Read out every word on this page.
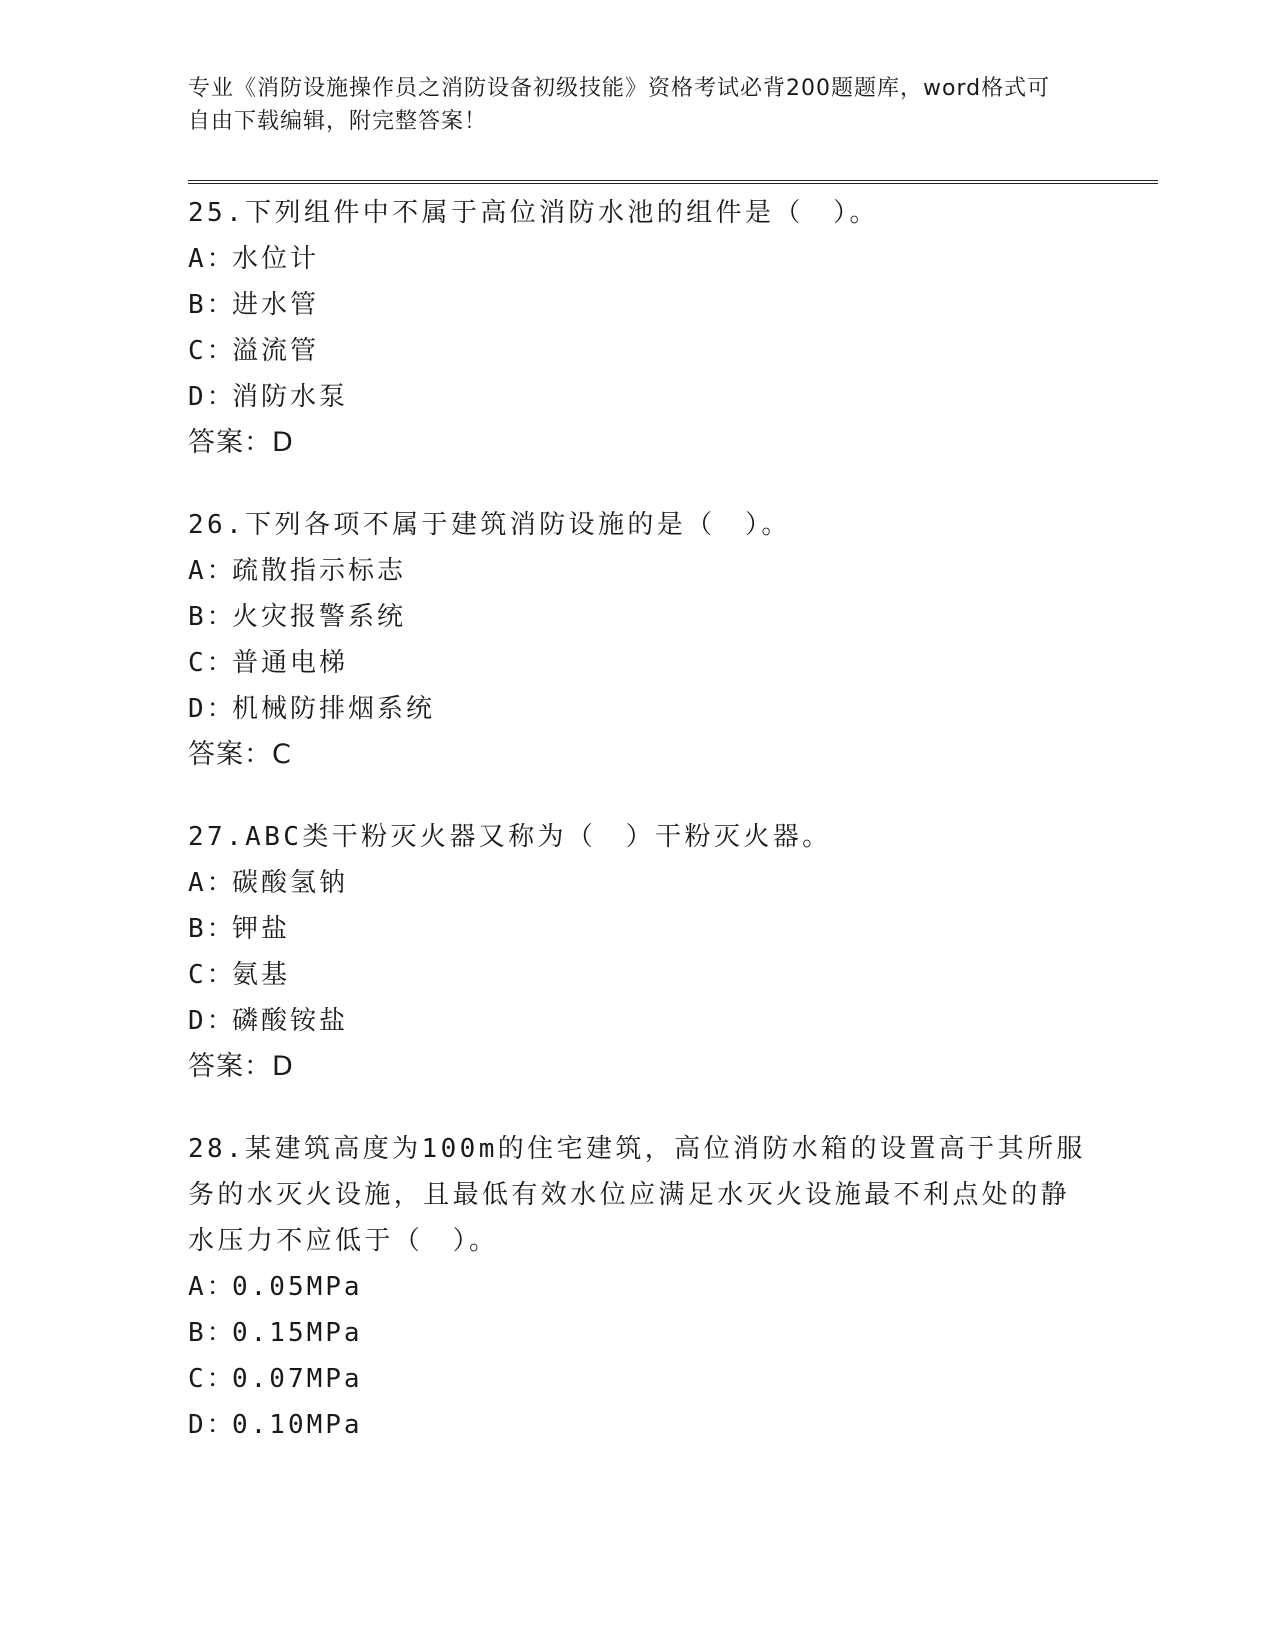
专业《消防设施操作员之消防设备初级技能》资格考试必背200题题库，word格式可自由下载编辑，附完整答案！
25.下列组件中不属于高位消防水池的组件是（　）。
A：水位计
B：进水管
C：溢流管
D：消防水泵
答案：D
26.下列各项不属于建筑消防设施的是（　）。
A：疏散指示标志
B：火灾报警系统
C：普通电梯
D：机械防排烟系统
答案：C
27.ABC类干粉灭火器又称为（　）干粉灭火器。
A：碳酸氢钠
B：钾盐
C：氨基
D：磷酸铵盐
答案：D
28.某建筑高度为100m的住宅建筑，高位消防水箱的设置高于其所服务的水灭火设施，且最低有效水位应满足水灭火设施最不利点处的静水压力不应低于（　）。
A：0.05MPa
B：0.15MPa
C：0.07MPa
D：0.10MPa
